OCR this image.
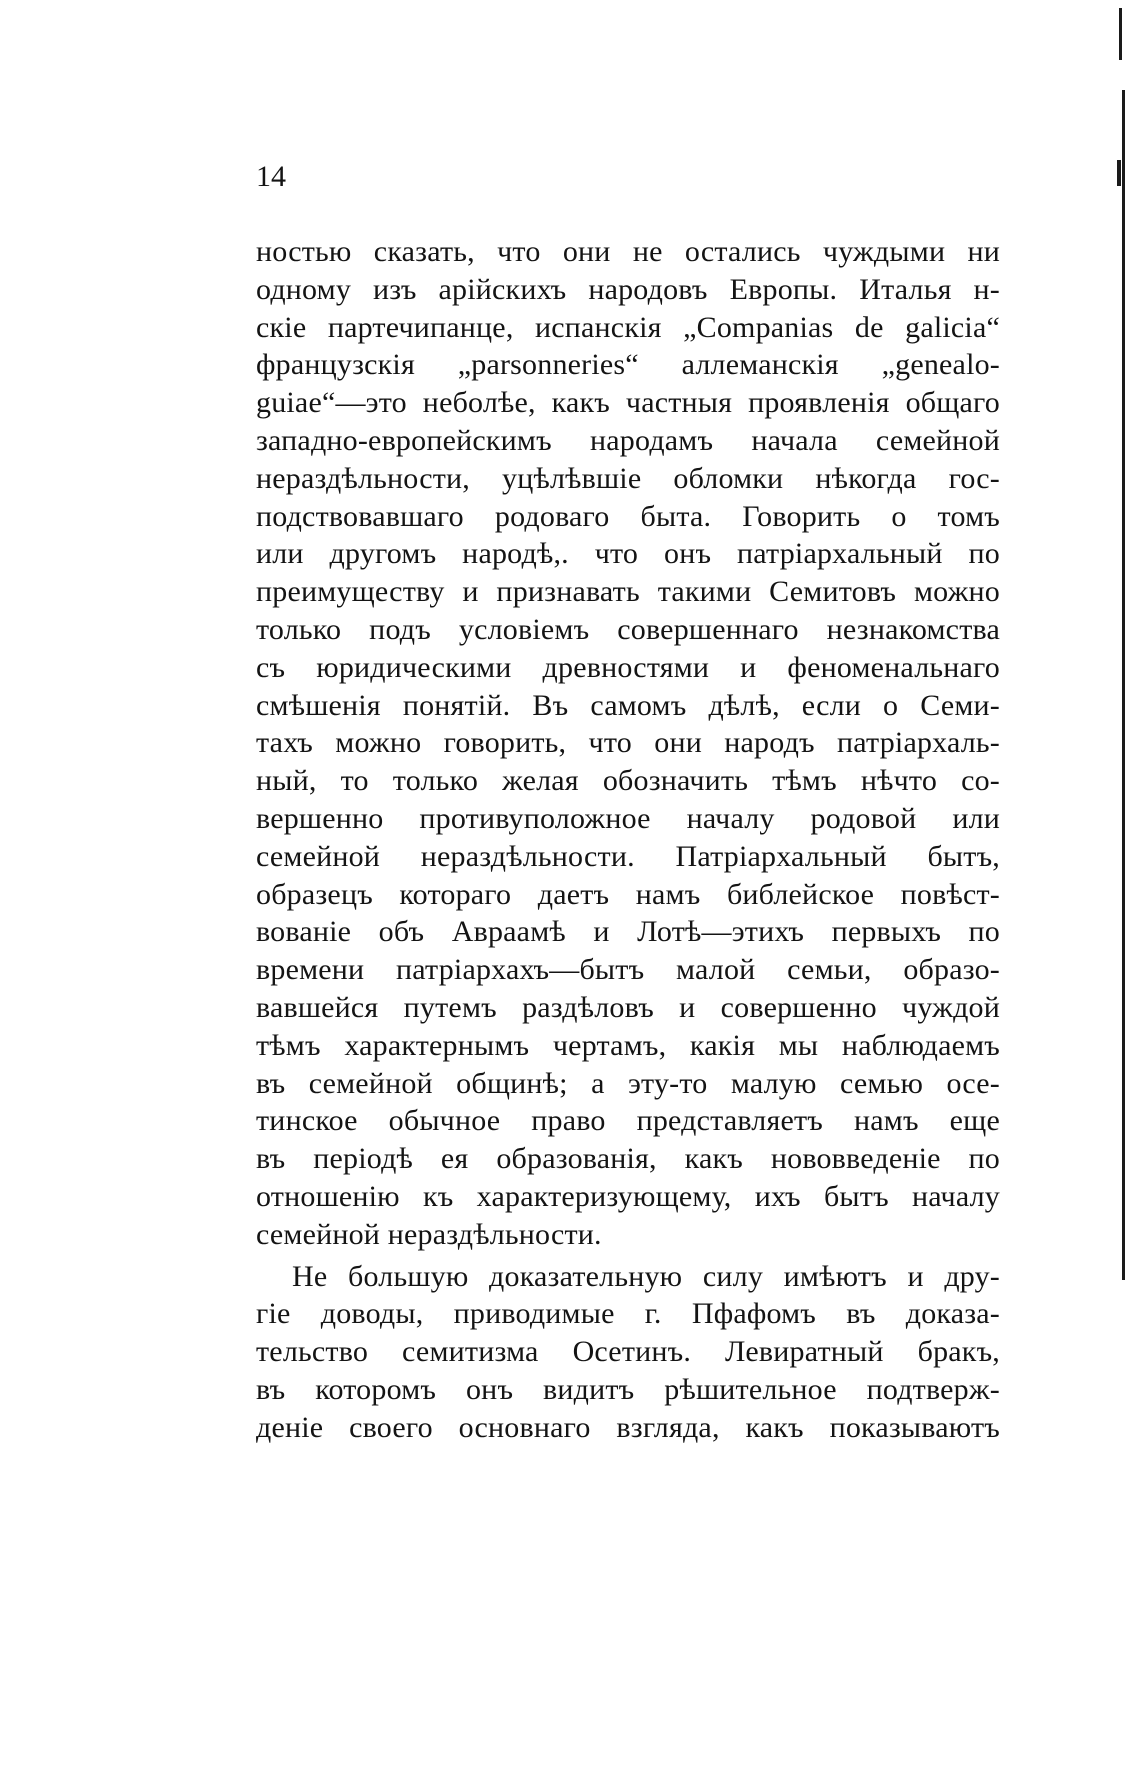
14
ностью сказать, что они не остались чуждыми ни
одному изъ арійскихъ народовъ Европы. Италья н-
скіе партечипанце, испанскія „Companias de galicia“
французскія „parsonneries“ аллеманскія „genealo-
guiae“—это неболѣе, какъ частныя проявленія общаго
западно-европейскимъ народамъ начала семейной
нераздѣльности, уцѣлѣвшіе обломки нѣкогда гос-
подствовавшаго родоваго быта. Говорить о томъ
или другомъ народѣ,. что онъ патріархальный по
преимуществу и признавать такими Семитовъ можно
только подъ условіемъ совершеннаго незнакомства
съ юридическими древностями и феноменальнаго
смѣшенія понятій. Въ самомъ дѣлѣ, если о Семи-
тахъ можно говорить, что они народъ патріархаль-
ный, то только желая обозначить тѣмъ нѣчто со-
вершенно противуположное началу родовой или
семейной нераздѣльности. Патріархальный бытъ,
образецъ котораго даетъ намъ библейское повѣст-
вованіе объ Авраамѣ и Лотѣ—этихъ первыхъ по
времени патріархахъ—бытъ малой семьи, образо-
вавшейся путемъ раздѣловъ и совершенно чуждой
тѣмъ характернымъ чертамъ, какія мы наблюдаемъ
въ семейной общинѣ; а эту-то малую семью осе-
тинское обычное право представляетъ намъ еще
въ періодѣ ея образованія, какъ нововведеніе по
отношенію къ характеризующему, ихъ бытъ началу
семейной нераздѣльности.
Не большую доказательную силу имѣютъ и дру-
гіе доводы, приводимые г. Пфафомъ въ доказа-
тельство семитизма Осетинъ. Левиратный бракъ,
въ которомъ онъ видитъ рѣшительное подтверж-
деніе своего основнаго взгляда, какъ показываютъ
